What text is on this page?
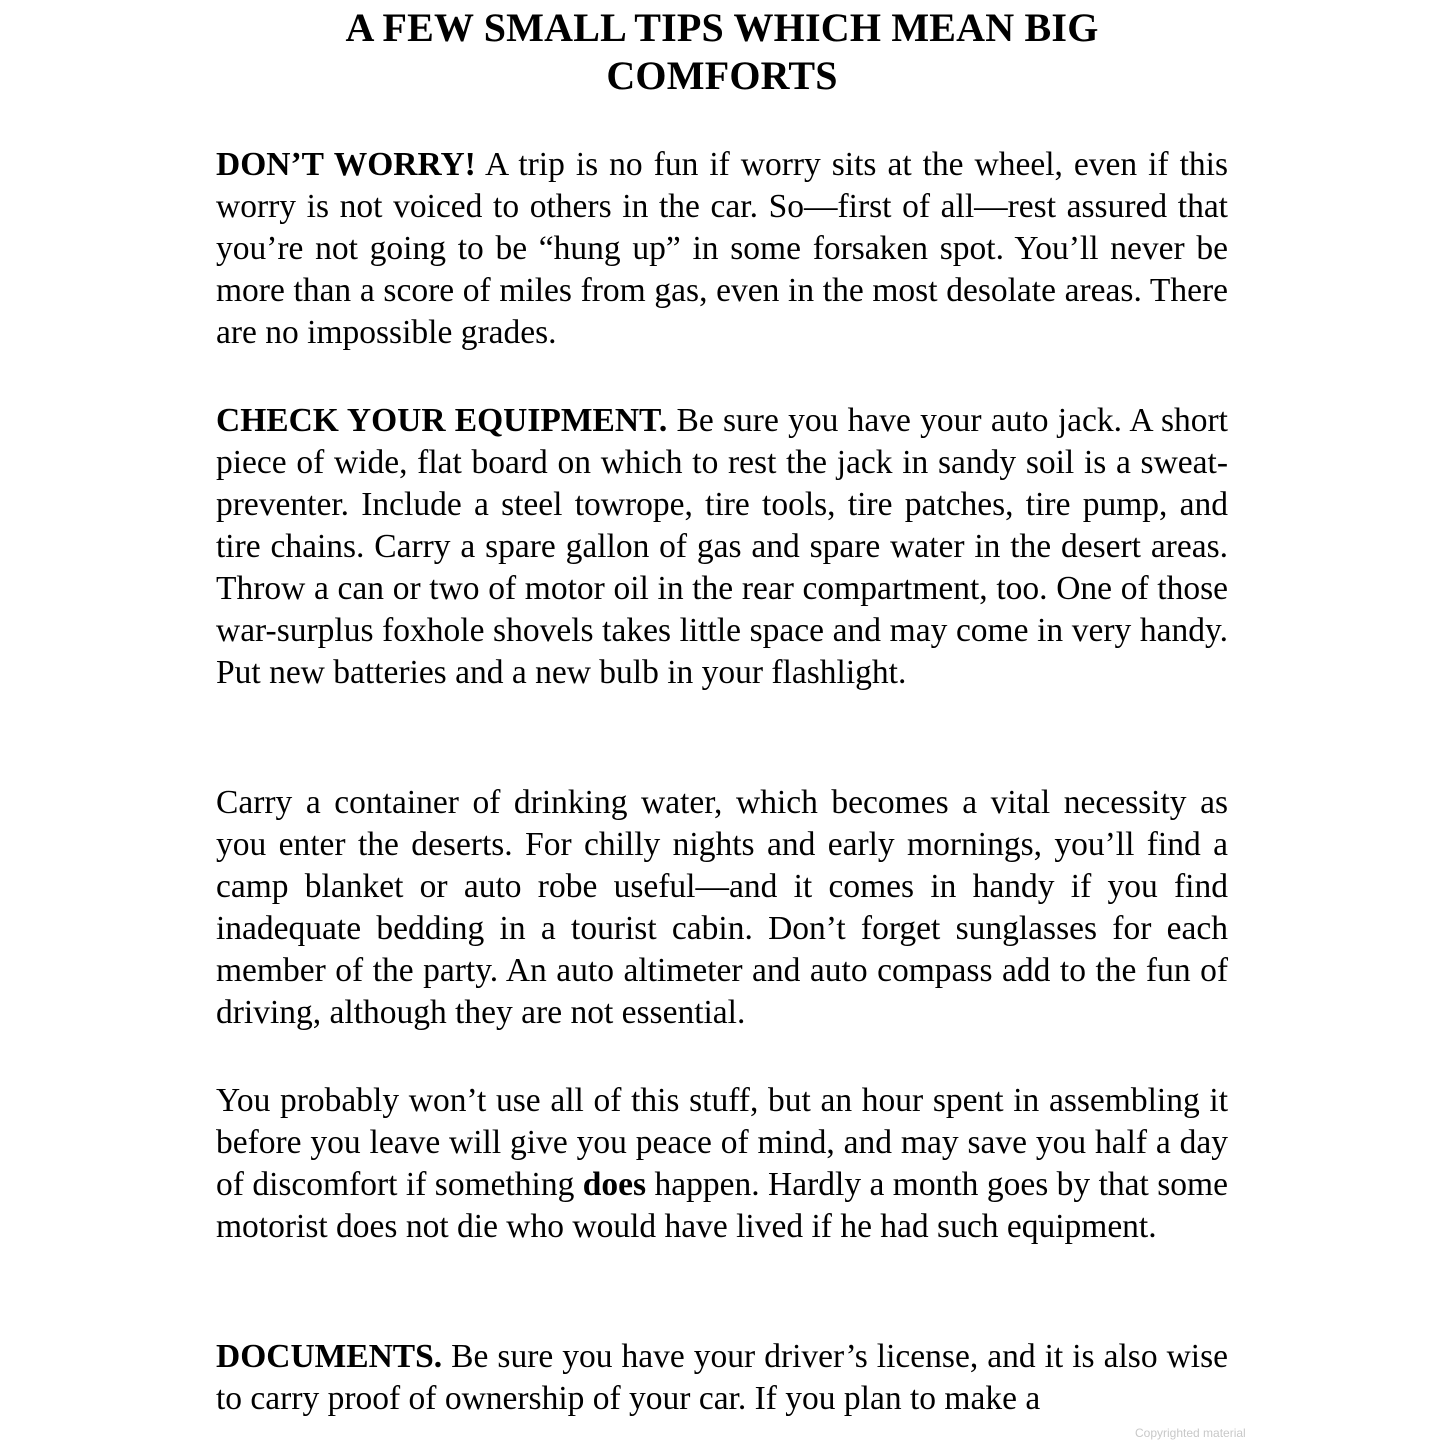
A FEW SMALL TIPS WHICH MEAN BIG
COMFORTS

DON’T WORRY! A trip is no fun if worry sits at the wheel, even if this worry is not voiced to others in the car. So—first of all—rest assured that you’re not going to be “hung up” in some forsaken spot. You’ll never be more than a score of miles from gas, even in the most desolate areas. There are no impossible grades.

CHECK YOUR EQUIPMENT. Be sure you have your auto jack. A short piece of wide, flat board on which to rest the jack in sandy soil is a sweat-preventer. Include a steel towrope, tire tools, tire patches, tire pump, and tire chains. Carry a spare gallon of gas and spare water in the desert areas. Throw a can or two of motor oil in the rear compartment, too. One of those war-surplus foxhole shovels takes little space and may come in very handy. Put new batteries and a new bulb in your flashlight.

Carry a container of drinking water, which becomes a vital necessity as you enter the deserts. For chilly nights and early mornings, you’ll find a camp blanket or auto robe useful—and it comes in handy if you find inadequate bedding in a tourist cabin. Don’t forget sunglasses for each member of the party. An auto altimeter and auto compass add to the fun of driving, although they are not essential.

You probably won’t use all of this stuff, but an hour spent in assembling it before you leave will give you peace of mind, and may save you half a day of discomfort if something does happen. Hardly a month goes by that some motorist does not die who would have lived if he had such equipment.

DOCUMENTS. Be sure you have your driver’s license, and it is also wise to carry proof of ownership of your car. If you plan to make a

Copyrighted material
